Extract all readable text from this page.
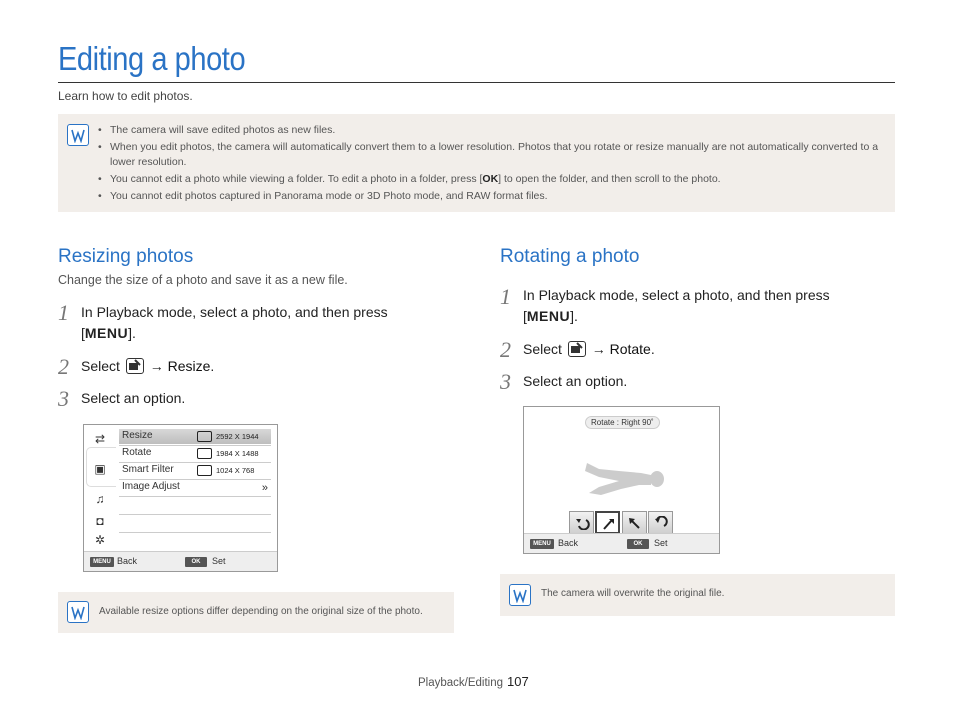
Editing a photo
Learn how to edit photos.
• The camera will save edited photos as new files.
• When you edit photos, the camera will automatically convert them to a lower resolution. Photos that you rotate or resize manually are not automatically converted to a lower resolution.
• You cannot edit a photo while viewing a folder. To edit a photo in a folder, press [OK] to open the folder, and then scroll to the photo.
• You cannot edit photos captured in Panorama mode or 3D Photo mode, and RAW format files.
Resizing photos
Change the size of a photo and save it as a new file.
1 In Playback mode, select a photo, and then press
[MENU].
2 Select → Resize.
3 Select an option.
⇄
▣
♫
◘
✲
Resize
Rotate
Smart Filter
Image Adjust	»
2592 X 1944
1984 X 1488
1024 X 768
MENU Back	OK	Set
Available resize options differ depending on the original size of the photo.
Rotating a photo
1 In Playback mode, select a photo, and then press
[MENU].
2 Select → Rotate.
3 Select an option.
Rotate : Right 90˚
MENU Back	OK	Set
The camera will overwrite the original file.
Playback/Editing 107
